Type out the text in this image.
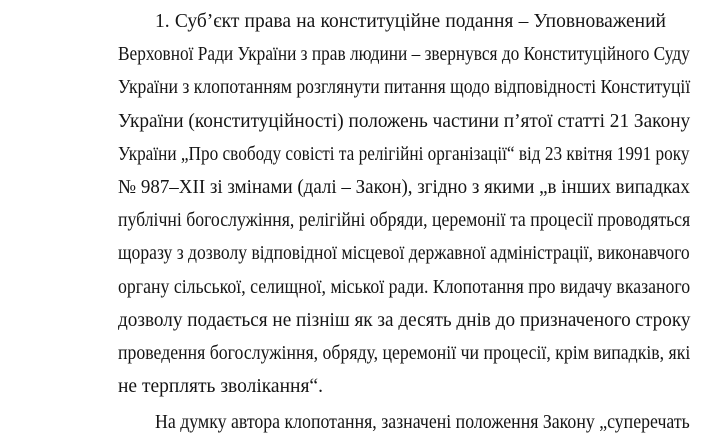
1. Суб’єкт права на конституційне подання – Уповноважений
Верховної Ради України з прав людини – звернувся до Конституційного Суду
України з клопотанням розглянути питання щодо відповідності Конституції
України (конституційності) положень частини п’ятої статті 21 Закону
України „Про свободу совісті та релігійні організації“ від 23 квітня 1991 року
№ 987–ХІІ зі змінами (далі – Закон), згідно з якими „в інших випадках
публічні богослужіння, релігійні обряди, церемонії та процесії проводяться
щоразу з дозволу відповідної місцевої державної адміністрації, виконавчого
органу сільської, селищної, міської ради. Клопотання про видачу вказаного
дозволу подається не пізніш як за десять днів до призначеного строку
проведення богослужіння, обряду, церемонії чи процесії, крім випадків, які
не терплять зволікання“.
На думку автора клопотання, зазначені положення Закону „суперечать
